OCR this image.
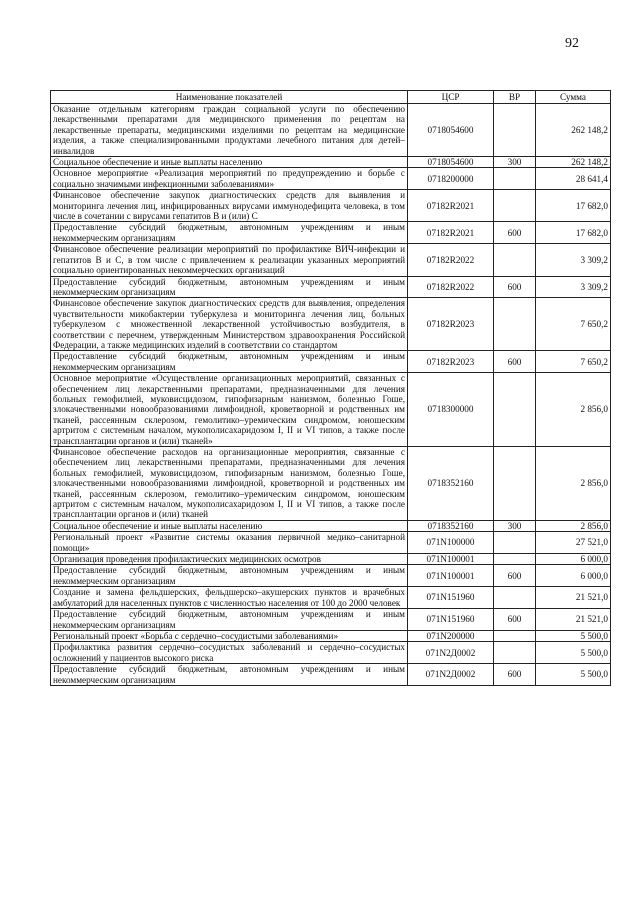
92
Наименование показателей	ЦСР	ВР	Сумма
Оказание отдельным категориям граждан социальной услуги по обеспечению лекарственными препаратами для медицинского применения по рецептам на лекарственные препараты, медицинскими изделиями по рецептам на медицинские изделия, а также специализированными продуктами лечебного питания для детей–инвалидов	0718054600		262 148,2
Социальное обеспечение и иные выплаты населению	0718054600	300	262 148,2
Основное мероприятие «Реализация мероприятий по предупреждению и борьбе с социально значимыми инфекционными заболеваниями»	0718200000		28 641,4
Финансовое обеспечение закупок диагностических средств для выявления и мониторинга лечения лиц, инфицированных вирусами иммунодефицита человека, в том числе в сочетании с вирусами гепатитов В и (или) С	07182R2021		17 682,0
Предоставление субсидий бюджетным, автономным учреждениям и иным некоммерческим организациям	07182R2021	600	17 682,0
Финансовое обеспечение реализации мероприятий по профилактике ВИЧ-инфекции и гепатитов В и С, в том числе с привлечением к реализации указанных мероприятий социально ориентированных некоммерческих организаций	07182R2022		3 309,2
Предоставление субсидий бюджетным, автономным учреждениям и иным некоммерческим организациям	07182R2022	600	3 309,2
Финансовое обеспечение закупок диагностических средств для выявления, определения чувствительности микобактерии туберкулеза и мониторинга лечения лиц, больных туберкулезом с множественной лекарственной устойчивостью возбудителя, в соответствии с перечнем, утвержденным Министерством здравоохранения Российской Федерации, а также медицинских изделий в соответствии со стандартом	07182R2023		7 650,2
Предоставление субсидий бюджетным, автономным учреждениям и иным некоммерческим организациям	07182R2023	600	7 650,2
Основное мероприятие «Осуществление организационных мероприятий, связанных с обеспечением лиц лекарственными препаратами, предназначенными для лечения больных гемофилией, муковисцидозом, гипофизарным нанизмом, болезнью Гоше, злокачественными новообразованиями лимфоидной, кроветворной и родственных им тканей, рассеянным склерозом, гемолитико–уремическим синдромом, юношеским артритом с системным началом, мукополисахаридозом I, II и VI типов, а также после трансплантации органов и (или) тканей»	0718300000		2 856,0
Финансовое обеспечение расходов на организационные мероприятия, связанные с обеспечением лиц лекарственными препаратами, предназначенными для лечения больных гемофилией, муковисцидозом, гипофизарным нанизмом, болезнью Гоше, злокачественными новообразованиями лимфоидной, кроветворной и родственных им тканей, рассеянным склерозом, гемолитико–уремическим синдромом, юношеским артритом с системным началом, мукополисахаридозом I, II и VI типов, а также после трансплантации органов и (или) тканей	0718352160		2 856,0
Социальное обеспечение и иные выплаты населению	0718352160	300	2 856,0
Региональный проект «Развитие системы оказания первичной медико–санитарной помощи»	071N100000		27 521,0
Организация проведения профилактических медицинских осмотров	071N100001		6 000,0
Предоставление субсидий бюджетным, автономным учреждениям и иным некоммерческим организациям	071N100001	600	6 000,0
Создание и замена фельдшерских, фельдшерско–акушерских пунктов и врачебных амбулаторий для населенных пунктов с численностью населения от 100 до 2000 человек	071N151960		21 521,0
Предоставление субсидий бюджетным, автономным учреждениям и иным некоммерческим организациям	071N151960	600	21 521,0
Региональный проект «Борьба с сердечно–сосудистыми заболеваниями»	071N200000		5 500,0
Профилактика развития сердечно–сосудистых заболеваний и сердечно–сосудистых осложнений у пациентов высокого риска	071N2Д0002		5 500,0
Предоставление субсидий бюджетным, автономным учреждениям и иным некоммерческим организациям	071N2Д0002	600	5 500,0
